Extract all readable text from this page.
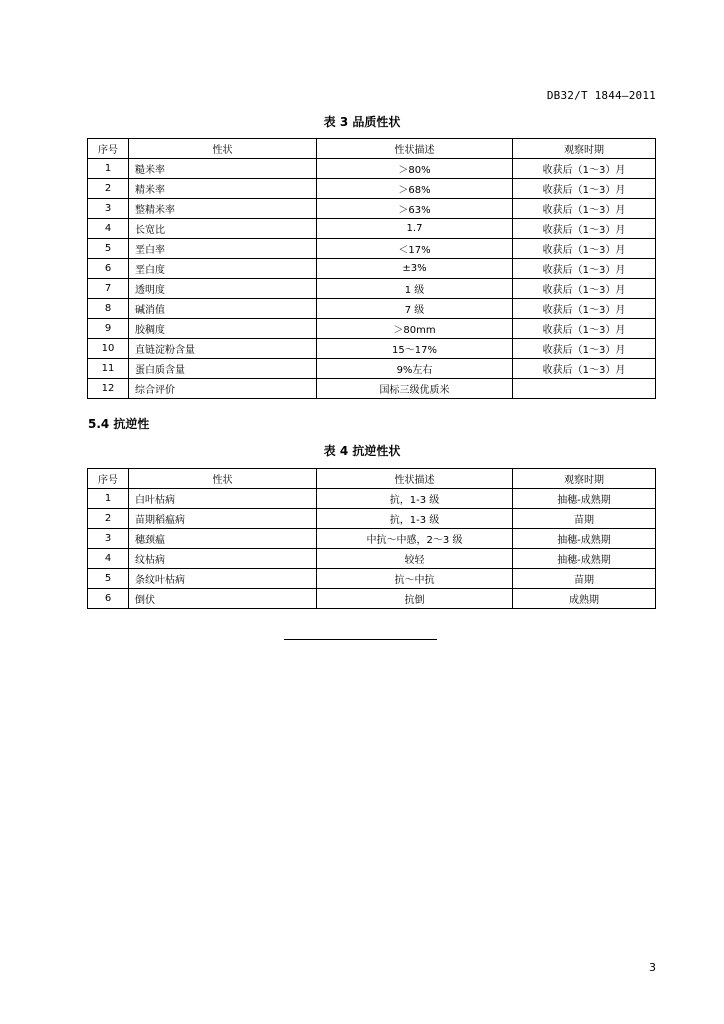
DB32/T 1844—2011
表 3 品质性状
序号	性状	性状描述	观察时期
1	糙米率	＞80%	收获后（1～3）月
2	精米率	＞68%	收获后（1～3）月
3	整精米率	＞63%	收获后（1～3）月
4	长宽比	1.7	收获后（1～3）月
5	垩白率	＜17%	收获后（1～3）月
6	垩白度	±3%	收获后（1～3）月
7	透明度	1 级	收获后（1～3）月
8	碱消值	7 级	收获后（1～3）月
9	胶稠度	＞80mm	收获后（1～3）月
10	直链淀粉含量	15～17%	收获后（1～3）月
11	蛋白质含量	9%左右	收获后（1～3）月
12	综合评价	国标三级优质米	
5.4 抗逆性
表 4 抗逆性状
序号	性状	性状描述	观察时期
1	白叶枯病	抗，1-3 级	抽穗-成熟期
2	苗期稻瘟病	抗，1-3 级	苗期
3	穗颈瘟	中抗～中感，2～3 级	抽穗-成熟期
4	纹枯病	较轻	抽穗-成熟期
5	条纹叶枯病	抗～中抗	苗期
6	倒伏	抗倒	成熟期
3
